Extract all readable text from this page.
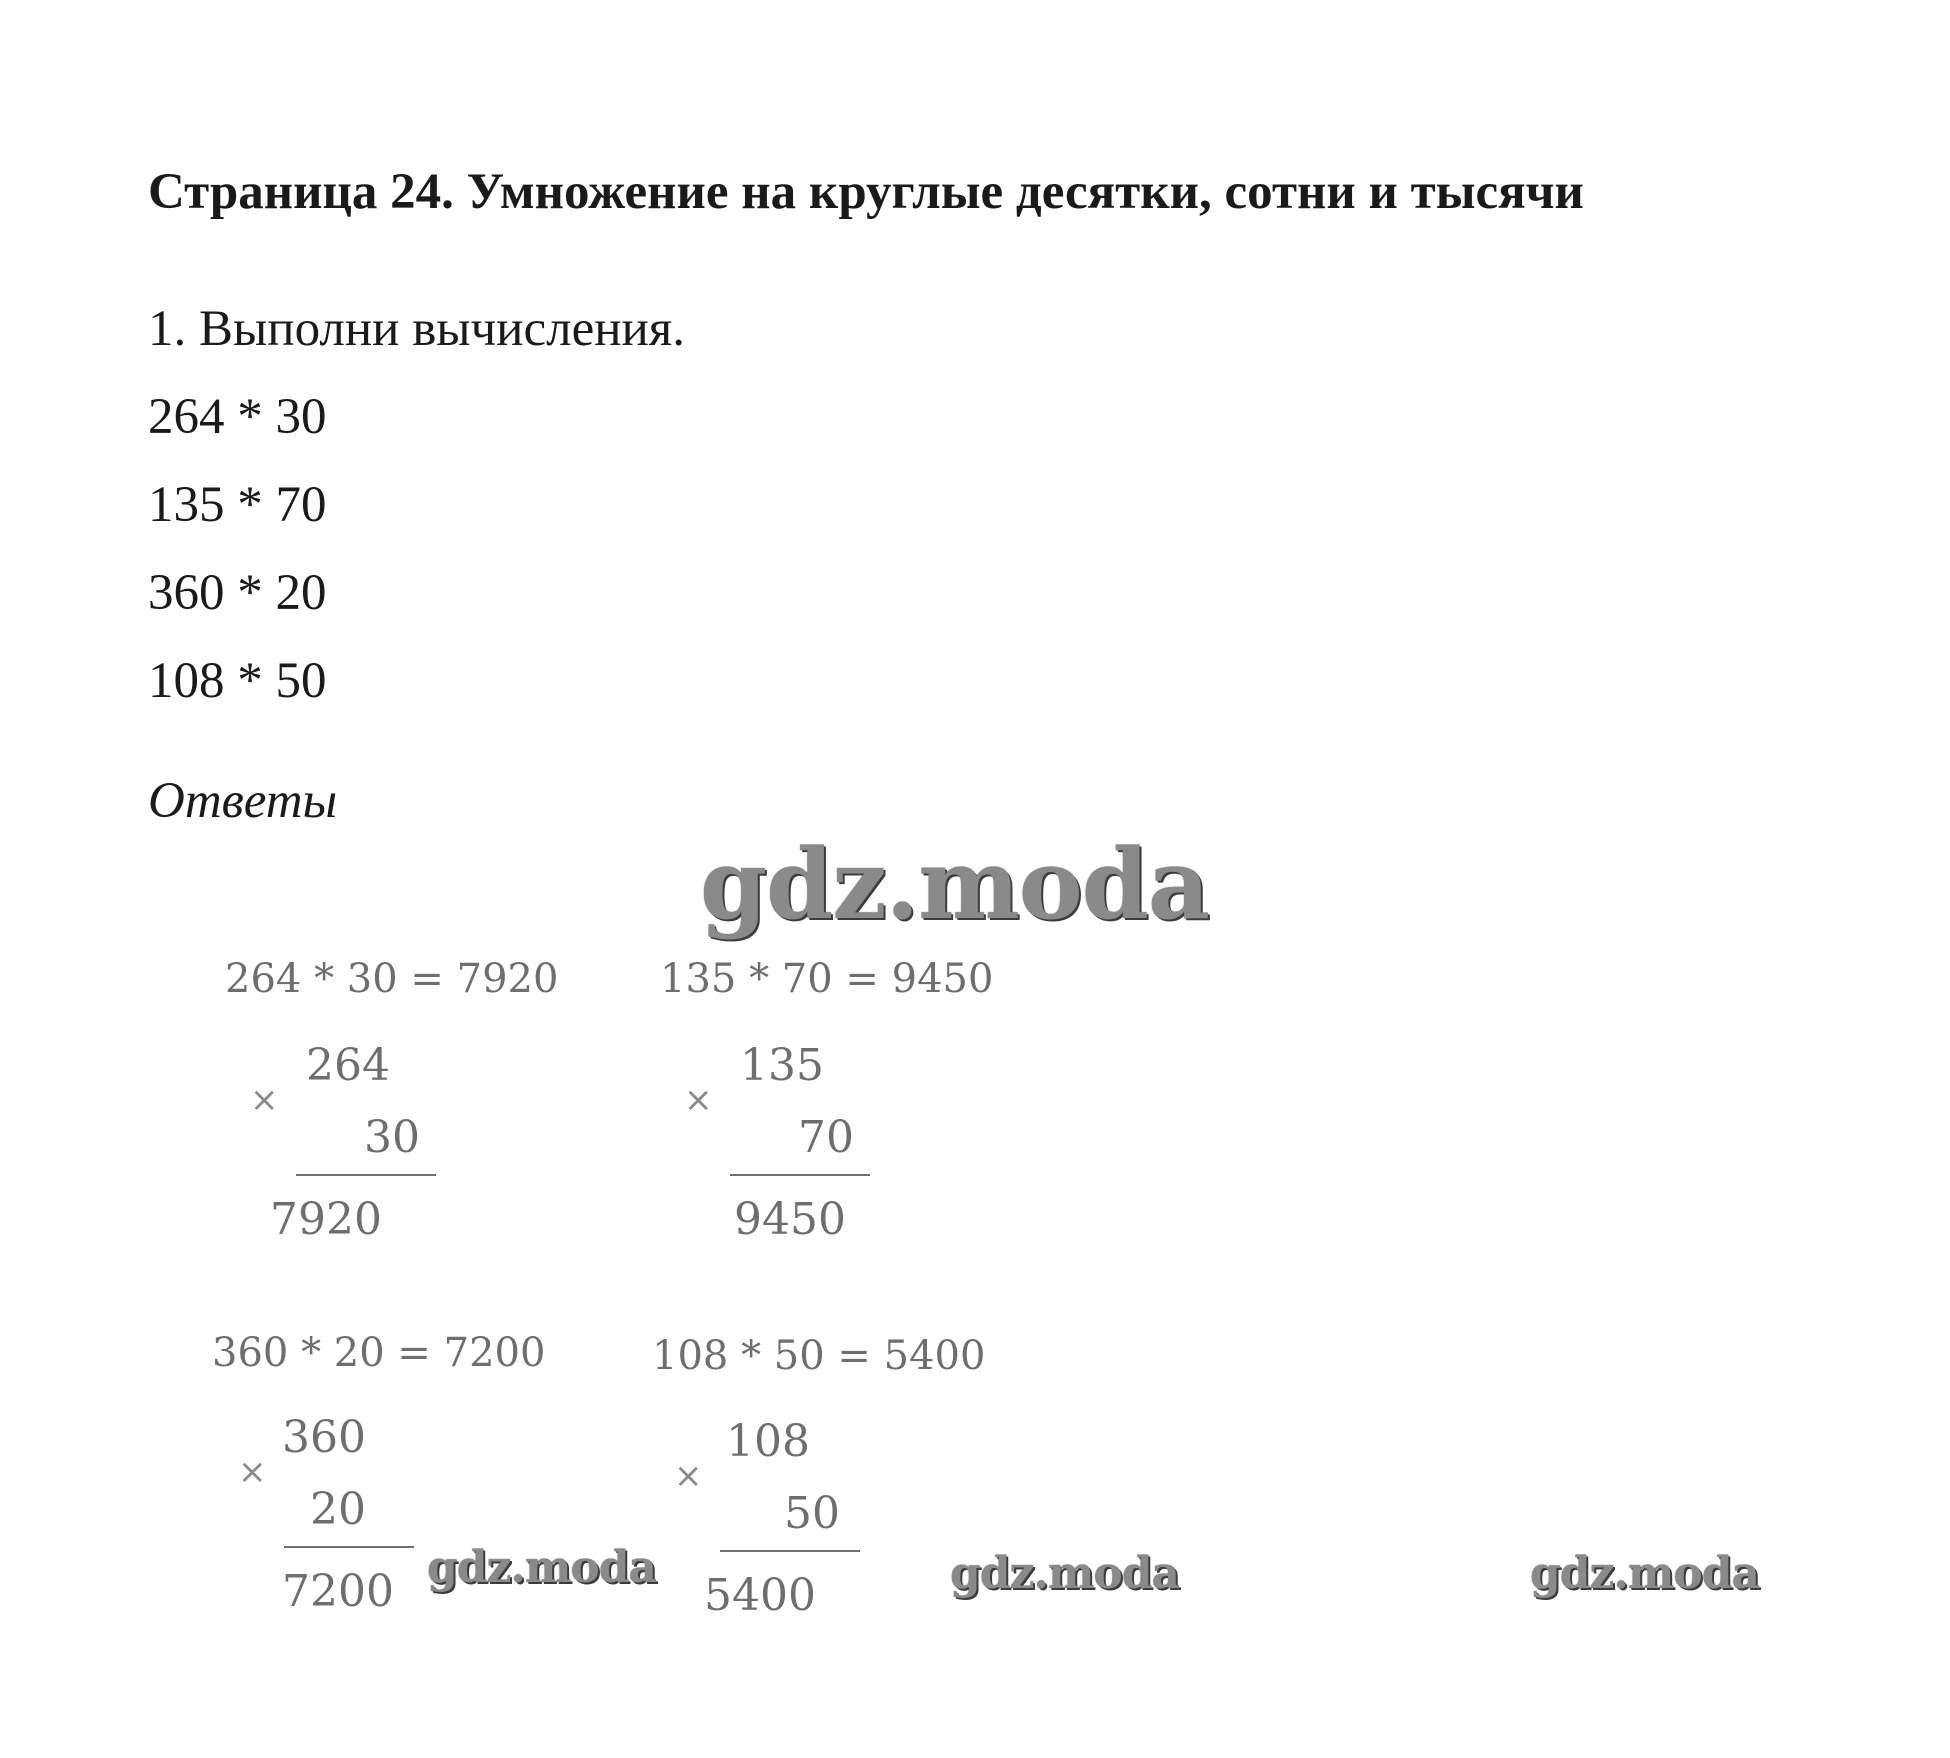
Страница 24. Умножение на круглые десятки, сотни и тысячи
1. Выполни вычисления.
264 * 30
135 * 70
360 * 20
108 * 50
Ответы
gdz.moda
264 * 30 = 7920
264
×
30
7920
135 * 70 = 9450
135
×
70
9450
360 * 20 = 7200
360
×
20
7200
108 * 50 = 5400
108
×
50
5400
gdz.moda	gdz.moda	gdz.moda
